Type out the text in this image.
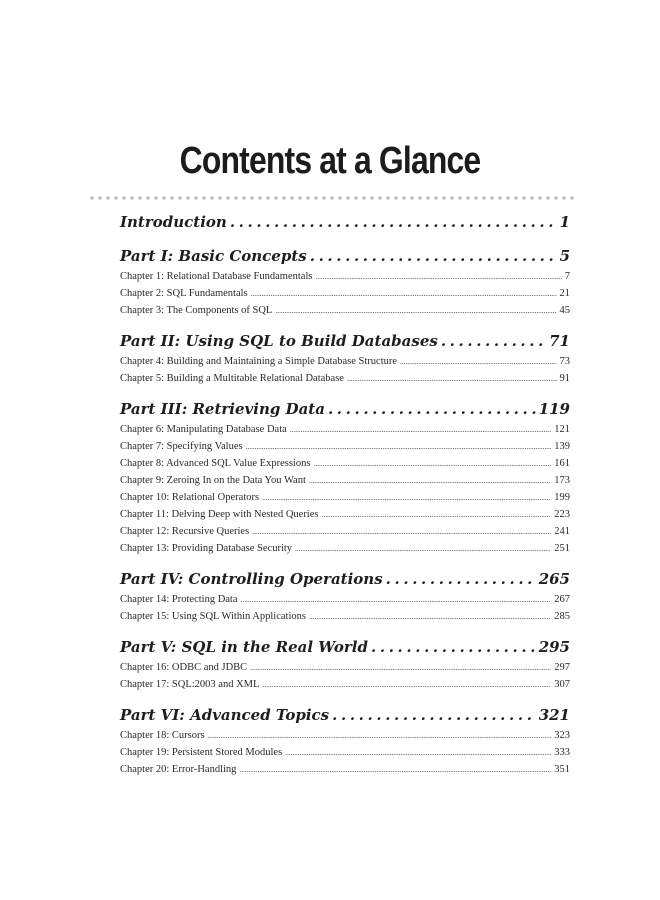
Contents at a Glance
Introduction . . .	1
Part I: Basic Concepts . . .	5
Chapter 1: Relational Database Fundamentals .....	7
Chapter 2: SQL Fundamentals .....	21
Chapter 3: The Components of SQL .....	45
Part II: Using SQL to Build Databases . . .	71
Chapter 4: Building and Maintaining a Simple Database Structure .....	73
Chapter 5: Building a Multitable Relational Database .....	91
Part III: Retrieving Data . . .	119
Chapter 6: Manipulating Database Data .....	121
Chapter 7: Specifying Values .....	139
Chapter 8: Advanced SQL Value Expressions .....	161
Chapter 9: Zeroing In on the Data You Want .....	173
Chapter 10: Relational Operators .....	199
Chapter 11: Delving Deep with Nested Queries .....	223
Chapter 12: Recursive Queries .....	241
Chapter 13: Providing Database Security .....	251
Part IV: Controlling Operations . . .	265
Chapter 14: Protecting Data .....	267
Chapter 15: Using SQL Within Applications .....	285
Part V: SQL in the Real World . . .	295
Chapter 16: ODBC and JDBC .....	297
Chapter 17: SQL:2003 and XML .....	307
Part VI: Advanced Topics . . .	321
Chapter 18: Cursors .....	323
Chapter 19: Persistent Stored Modules .....	333
Chapter 20: Error-Handling .....	351
